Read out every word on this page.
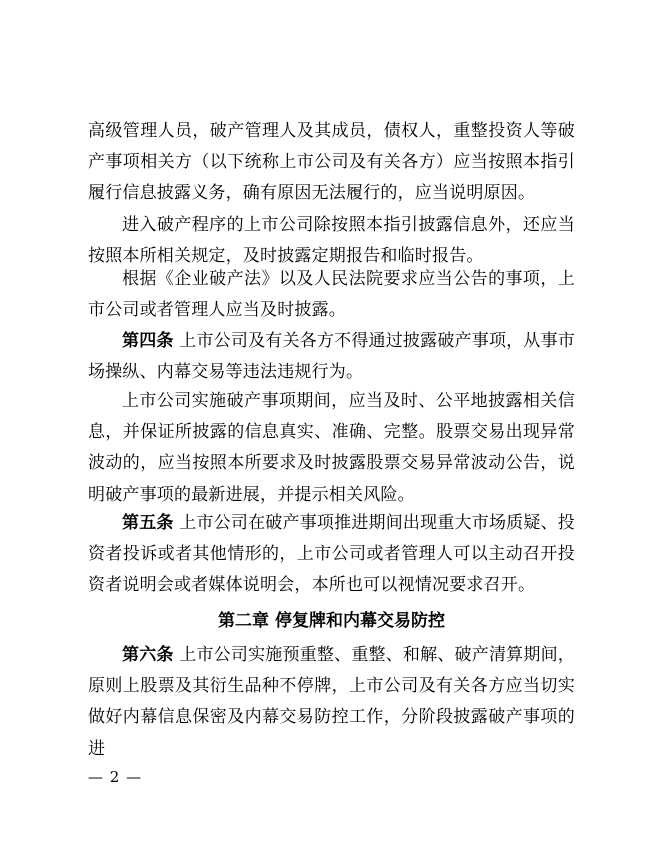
高级管理人员，破产管理人及其成员，债权人，重整投资人等破产事项相关方（以下统称上市公司及有关各方）应当按照本指引履行信息披露义务，确有原因无法履行的，应当说明原因。

进入破产程序的上市公司除按照本指引披露信息外，还应当按照本所相关规定，及时披露定期报告和临时报告。

根据《企业破产法》以及人民法院要求应当公告的事项，上市公司或者管理人应当及时披露。

第四条 上市公司及有关各方不得通过披露破产事项，从事市场操纵、内幕交易等违法违规行为。

上市公司实施破产事项期间，应当及时、公平地披露相关信息，并保证所披露的信息真实、准确、完整。股票交易出现异常波动的，应当按照本所要求及时披露股票交易异常波动公告，说明破产事项的最新进展，并提示相关风险。

第五条 上市公司在破产事项推进期间出现重大市场质疑、投资者投诉或者其他情形的，上市公司或者管理人可以主动召开投资者说明会或者媒体说明会，本所也可以视情况要求召开。

第二章 停复牌和内幕交易防控

第六条 上市公司实施预重整、重整、和解、破产清算期间，原则上股票及其衍生品种不停牌，上市公司及有关各方应当切实做好内幕信息保密及内幕交易防控工作，分阶段披露破产事项的进

— 2 —
